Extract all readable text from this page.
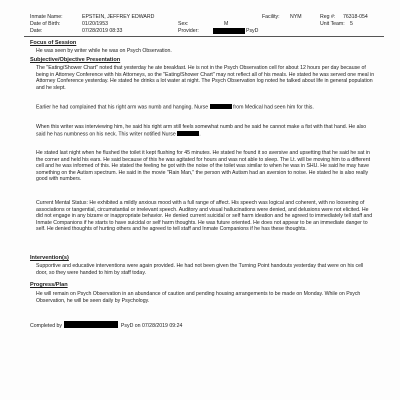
Inmate Name:	EPSTEIN, JEFFREY EDWARD
Date of Birth:	01/20/1953
Date:	07/28/2019 08:33
Sex:	M
Provider:	PsyD
Facility: NYM	Reg #: 76318-054
Unit Team: 5
Focus of Session

He was seen by writer while he was on Psych Observation.

Subjective/Objective Presentation

The "Eating/Shower Chart" noted that yesterday he ate breakfast. He is not in the Psych Observation cell for about 12 hours per day because of being in Attorney Conference with his Attorneys, so the "Eating/Shower Chart" may not reflect all of his meals. He stated he was served one meal in Attorney Conference yesterday. He stated he drinks a lot water at night. The Psych Observation log noted he talked about life in general population and he slept.

Earlier he had complained that his right arm was numb and hanging. Nurse	from Medical had seen him for this.

When this writer was interviewing him, he said his right arm still feels somewhat numb and he said he cannot make a fist with that hand. He also said he has numbness on his neck. This writer notified Nurse	.

He stated last night when he flushed the toilet it kept flushing for 45 minutes. He stated he found it so aversive and upsetting that he said he sat in the corner and held his ears. He said because of this he was agitated for hours and was not able to sleep. The Lt. will be moving him to a different cell and he was informed of this. He stated the feeling he got with the noise of the toilet was similar to when he was in SHU. He said he may have something on the Autism spectrum. He said in the movie "Rain Man," the person with Autism had an aversion to noise. He stated he is also really good with numbers.

Current Mental Status: He exhibited a mildly anxious mood with a full range of affect. His speech was logical and coherent, with no loosening of associations or tangential, circumstantial or irrelevant speech. Auditory and visual hallucinations were denied, and delusions were not elicited. He did not engage in any bizarre or inappropriate behavior. He denied current suicidal or self harm ideation and he agreed to immediately tell staff and Inmate Companions if he starts to have suicidal or self harm thoughts. He was future oriented. He does not appear to be an immediate danger to self. He denied thoughts of hurting others and he agreed to tell staff and Inmate Companions if he has these thoughts.

Intervention(s)

Supportive and educative interventions were again provided. He had not been given the Turning Point handouts yesterday that were on his cell door, so they were handed to him by staff today.

Progress/Plan

He will remain on Psych Observation in an abundance of caution and pending housing arrangements to be made on Monday. While on Psych Observation, he will be seen daily by Psychology.

Completed by	PsyD on 07/28/2019 09:24
